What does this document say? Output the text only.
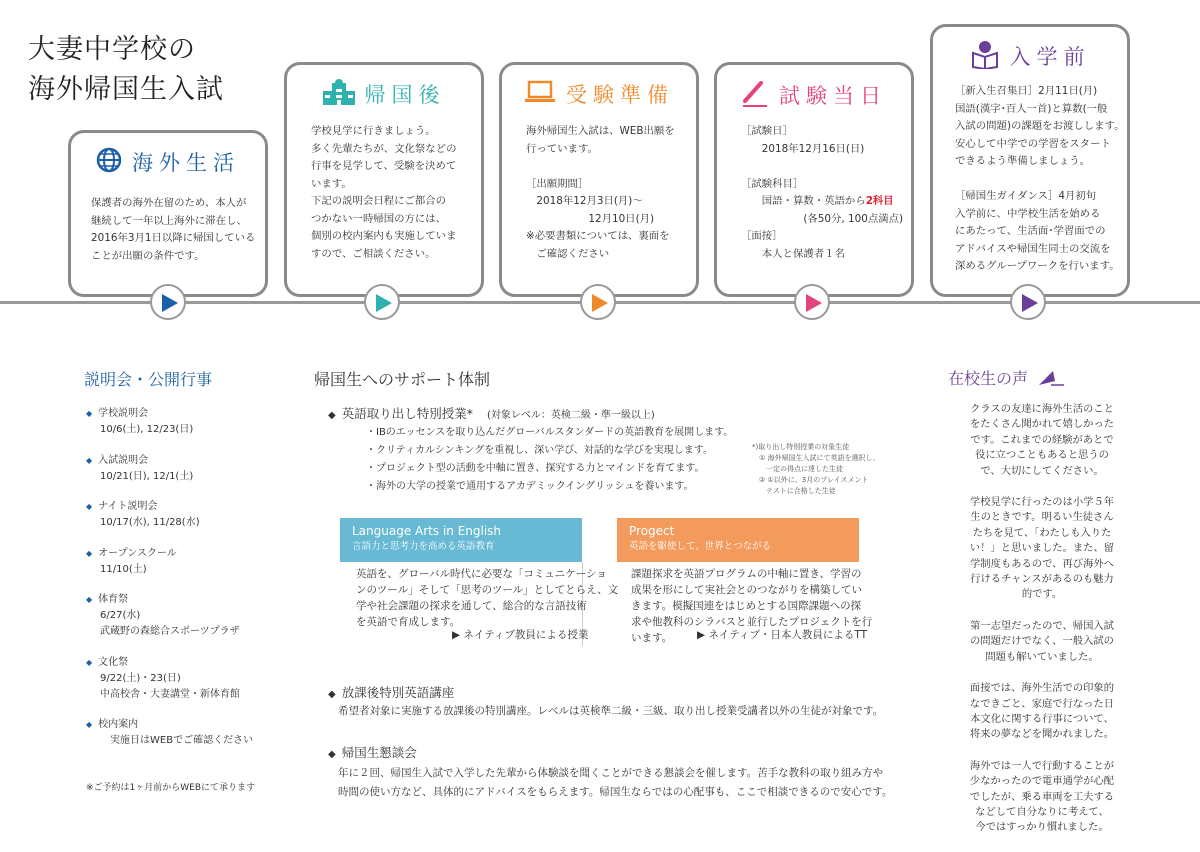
大妻中学校の
海外帰国生入試
海外生活
保護者の海外在留のため、本人が
継続して一年以上海外に滞在し、
2016年3月1日以降に帰国している
ことが出願の条件です。
帰国後
学校見学に行きましょう。
多く先輩たちが、文化祭などの
行事を見学して、受験を決めて
います。
下記の説明会日程にご都合の
つかない一時帰国の方には、
個別の校内案内も実施していま
すので、ご相談ください。
受験準備
海外帰国生入試は、WEB出願を
行っています。

［出願期間］
　2018年12月3日(月)〜
　　　　　　12月10日(月)
※必要書類については、裏面を
　ご確認ください
試験当日
［試験日］
　　2018年12月16日(日)

［試験科目］
　　国語・算数・英語から2科目
　　　　　　(各50分, 100点満点)
［面接］
　　本人と保護者１名
入学前
［新入生召集日］2月11日(月)
国語(漢字･百人一首)と算数(一般
入試の問題)の課題をお渡しします。
安心して中学での学習をスタート
できるよう準備しましょう。

［帰国生ガイダンス］4月初旬
入学前に、中学校生活を始める
にあたって、生活面･学習面での
アドバイスや帰国生同士の交流を
深めるグループワークを行います。
説明会・公開行事
◆ 学校説明会
10/6(土), 12/23(日)
◆ 入試説明会
10/21(日), 12/1(土)
◆ ナイト説明会
10/17(水), 11/28(水)
◆ オープンスクール
11/10(土)
◆ 体育祭
6/27(水)
武蔵野の森総合スポーツプラザ
◆ 文化祭
9/22(土)・23(日)
中高校舎・大妻講堂・新体育館
◆ 校内案内
　実施日はWEBでご確認ください
※ご予約は1ヶ月前からWEBにて承ります
帰国生へのサポート体制
◆ 英語取り出し特別授業* (対象レベル：英検二級・準一級以上)
・ IBのエッセンスを取り込んだグローバルスタンダードの英語教育を展開します。
・ クリティカルシンキングを重視し、深い学び、対話的な学びを実現します。
・ プロジェクト型の活動を中軸に置き、探究する力とマインドを育てます。
・ 海外の大学の授業で通用するアカデミックイングリッシュを養います。
*)取り出し特別授業の対象生徒
　① 海外帰国生入試にて英語を選択し、
　　一定の得点に達した生徒
　② ①以外に、3月のプレイスメント
　　テストに合格した生徒
Language Arts in English
言語力と思考力を高める英語教育
英語を、グローバル時代に必要な「コミュニケーショ
ンのツール」そして「思考のツール」としてとらえ、文
学や社会課題の探求を通して、総合的な言語技術
を英語で育成します。
▶ ネイティブ教員による授業
Progect
英語を駆使して、世界とつながる
課題探求を英語プログラムの中軸に置き、学習の
成果を形にして実社会とのつながりを構築してい
きます。模擬国連をはじめとする国際課題への探
求や他教科のシラバスと並行したプロジェクトを行
います。	▶ ネイティブ・日本人教員によるTT
◆ 放課後特別英語講座
希望者対象に実施する放課後の特別講座。レベルは英検準二級・三級、取り出し授業受講者以外の生徒が対象です。
◆ 帰国生懇談会
年に２回、帰国生入試で入学した先輩から体験談を聞くことができる懇談会を催します。苦手な教科の取り組み方や
時間の使い方など、具体的にアドバイスをもらえます。帰国生ならではの心配事も、ここで相談できるので安心です。
在校生の声

クラスの友達に海外生活のこと
をたくさん聞かれて嬉しかった
です。これまでの経験があとで
役に立つこともあると思うの
で、大切にしてください。

学校見学に行ったのは小学５年
生のときです。明るい生徒さん
たちを見て、「わたしも入りた
い！」と思いました。また、留
学制度もあるので、再び海外へ
行けるチャンスがあるのも魅力
的です。

第一志望だったので、帰国入試
の問題だけでなく、一般入試の
問題も解いていました。

面接では、海外生活での印象的
なできごと、家庭で行なった日
本文化に関する行事について、
将来の夢などを聞かれました。

海外では一人で行動することが
少なかったので電車通学が心配
でしたが、乗る車両を工夫する
などして自分なりに考えて、
今ではすっかり慣れました。
